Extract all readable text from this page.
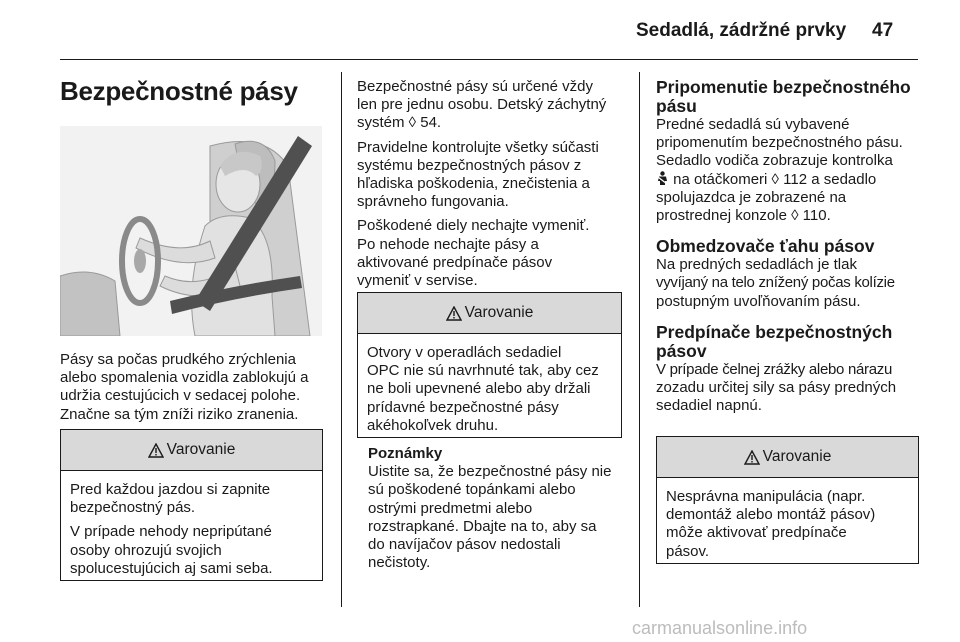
Sedadlá, zádržné prvky 47
Bezpečnostné pásy
Pásy sa počas prudkého zrýchlenia
alebo spomalenia vozidla zablokujú a
udržia cestujúcich v sedacej polohe.
Značne sa tým zníži riziko zranenia.
Varovanie

Pred každou jazdou si zapnite
bezpečnostný pás.

V prípade nehody nepripútané
osoby ohrozujú svojich
spolucestujúcich aj sami seba.

Bezpečnostné pásy sú určené vždy
len pre jednu osobu. Detský záchytný
systém ◊ 54.

Pravidelne kontrolujte všetky súčasti
systému bezpečnostných pásov z
hľadiska poškodenia, znečistenia a
správneho fungovania.

Poškodené diely nechajte vymeniť.
Po nehode nechajte pásy a
aktivované predpínače pásov
vymeniť v servise.

Varovanie

Otvory v operadlách sedadiel
OPC nie sú navrhnuté tak, aby cez
ne boli upevnené alebo aby držali
prídavné bezpečnostné pásy
akéhokoľvek druhu.

Poznámky
Uistite sa, že bezpečnostné pásy nie
sú poškodené topánkami alebo
ostrými predmetmi alebo
rozstrapkané. Dbajte na to, aby sa
do navíjačov pásov nedostali
nečistoty.
Pripomenutie bezpečnostného
pásu
Predné sedadlá sú vybavené
pripomenutím bezpečnostného pásu.
Sedadlo vodiča zobrazuje kontrolka
na otáčkomeri ◊ 112 a sedadlo
spolujazdca je zobrazené na
prostrednej konzole ◊ 110.
Obmedzovače ťahu pásov
Na predných sedadlách je tlak
vyvíjaný na telo znížený počas kolízie
postupným uvoľňovaním pásu.
Predpínače bezpečnostných
pásov
V prípade čelnej zrážky alebo nárazu
zozadu určitej sily sa pásy predných
sedadiel napnú.
Varovanie

Nesprávna manipulácia (napr.
demontáž alebo montáž pásov)
môže aktivovať predpínače
pásov.

carmanualsonline.info
